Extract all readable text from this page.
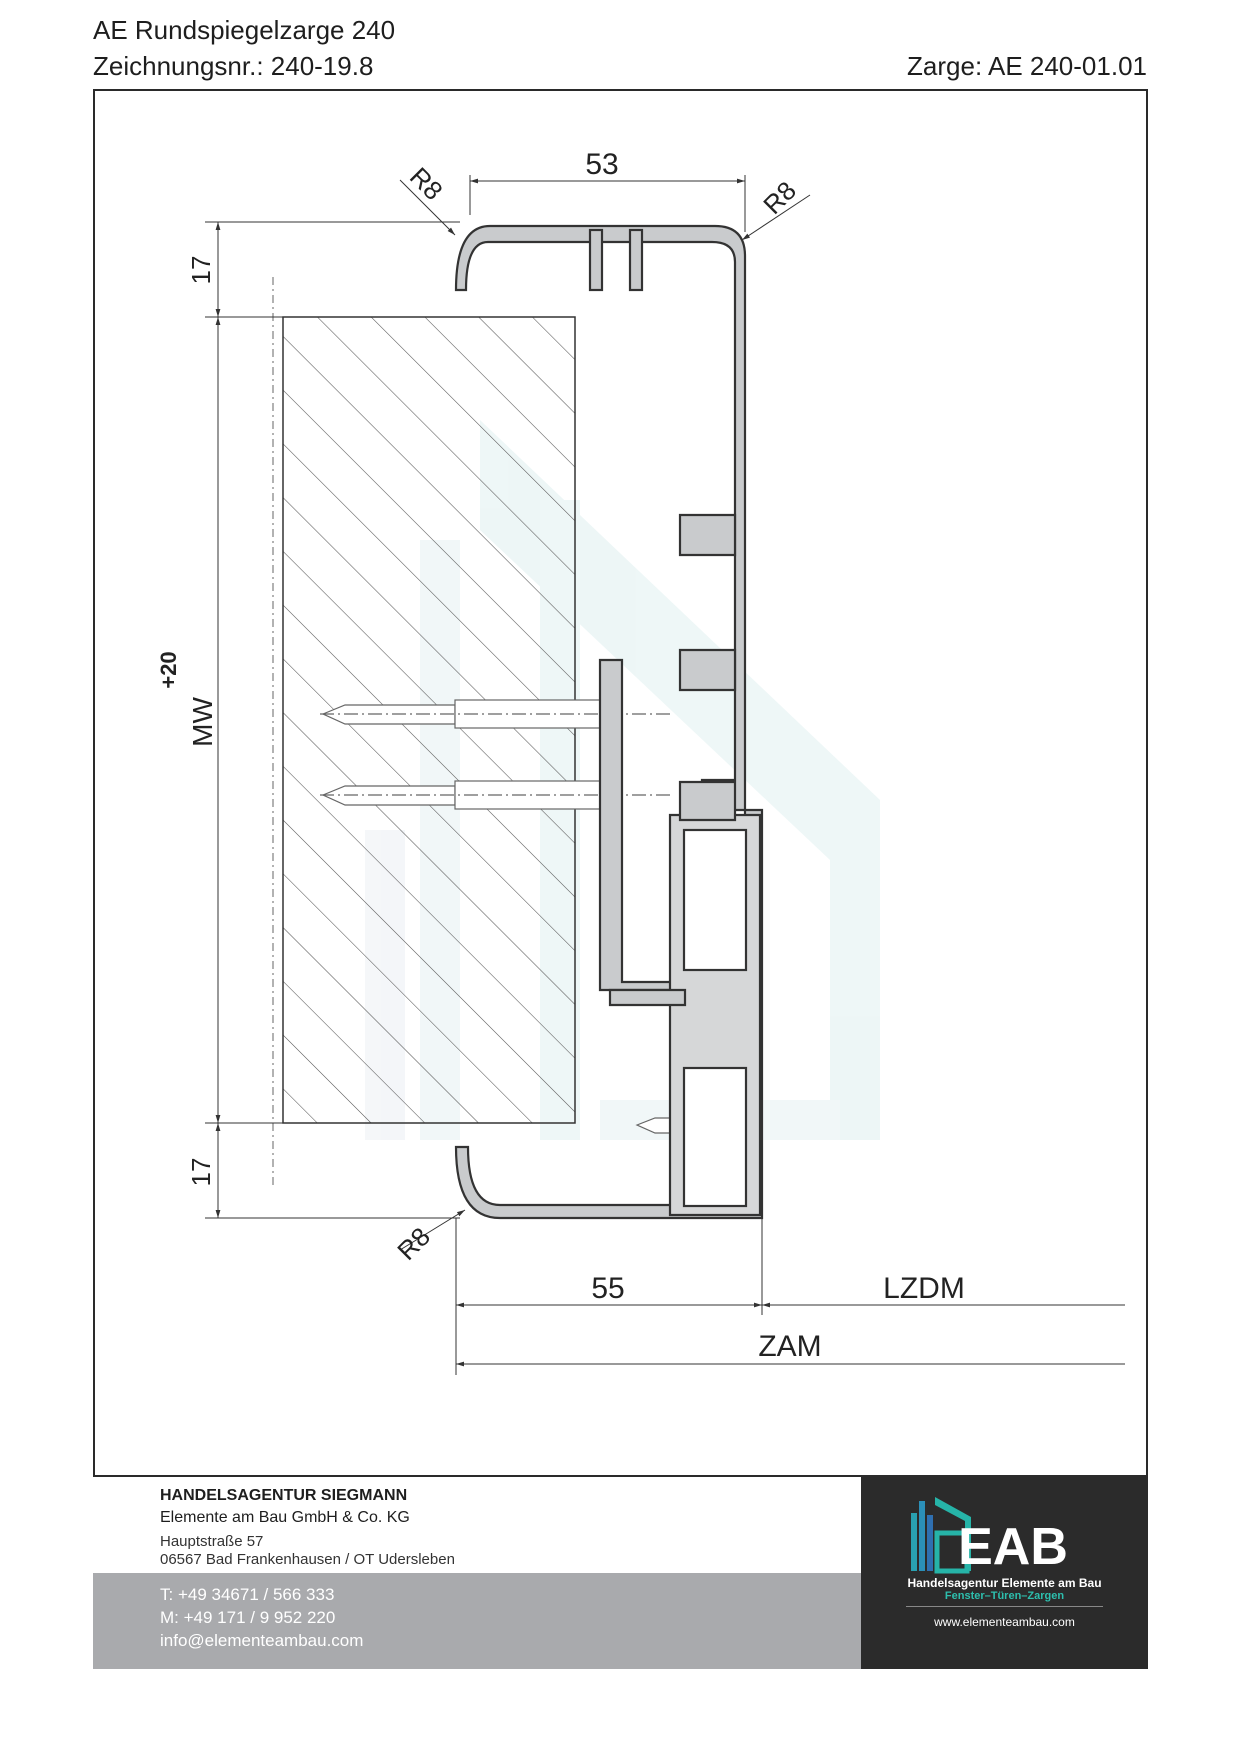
AE Rundspiegelzarge 240
Zeichnungsnr.: 240-19.8	Zarge: AE 240-01.01
53
R8	R8
R8
17
17
MW
+20
55	LZDM
ZAM
HANDELSAGENTUR SIEGMANN
Elemente am Bau GmbH & Co. KG
Hauptstraße 57
06567 Bad Frankenhausen / OT Udersleben
T: +49 34671 / 566 333
M: +49 171 / 9 952 220
info@elementeambau.com
EAB
Handelsagentur Elemente am Bau
Fenster–Türen–Zargen
www.elementeambau.com
